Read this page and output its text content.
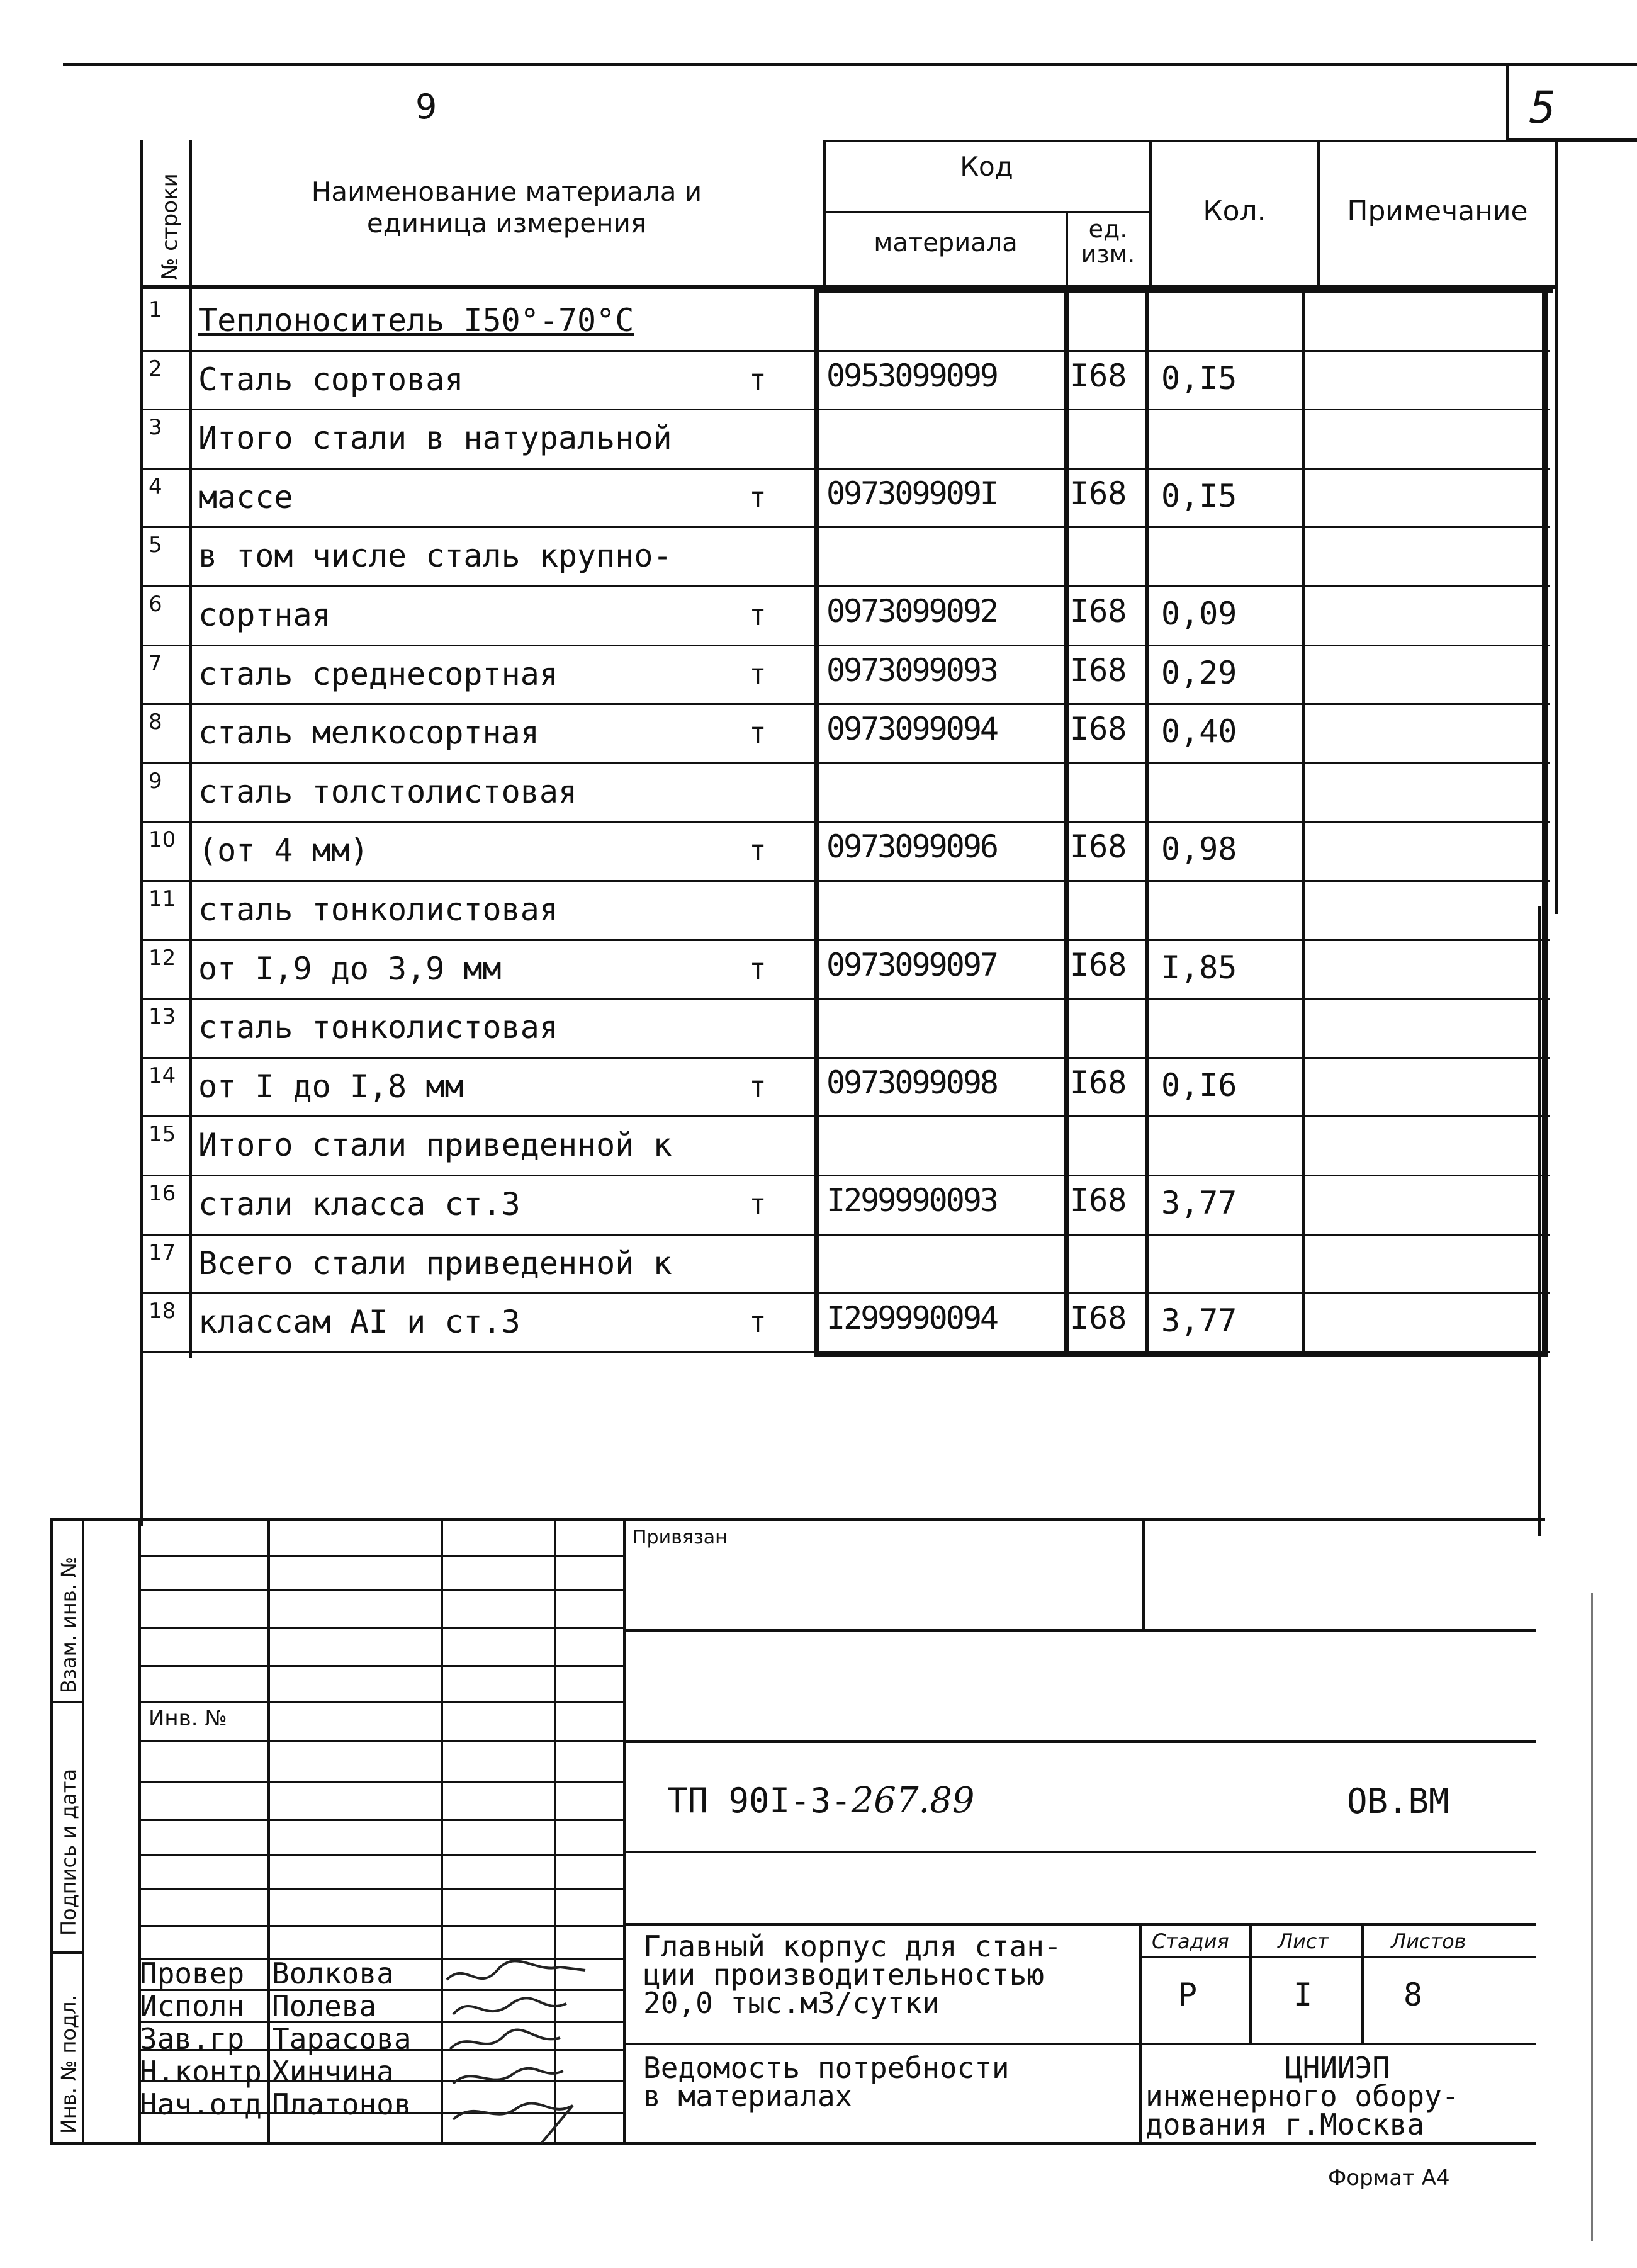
9	5
№ строки	Наименование материала и единица измерения
Код
материала	ед. изм.
Кол.	Примечание
1 Теплоноситель I50°-70°С
2 Сталь сортовая	т 0953099099 I68 0,I5
3 Итого стали в натуральной
4 массе	т 097309909I I68 0,I5
5 в том числе сталь крупно-
6 сортная	т 0973099092 I68 0,09
7 сталь среднесортная	т 0973099093 I68 0,29
8 сталь мелкосортная	т 0973099094 I68 0,40
9 сталь толстолистовая
10 (от 4 мм)	т 0973099096 I68 0,98
11 сталь тонколистовая
12 от I,9 до 3,9 мм	т 0973099097 I68 I,85
13 сталь тонколистовая
14 от I до I,8 мм	т 0973099098 I68 0,I6
15 Итого стали приведенной к
16 стали класса ст.3	т I299990093 I68 3,77
17 Всего стали приведенной к
18 классам АI и ст.3	т I299990094 I68 3,77
Взам. инв. №
Подпись и дата
Инв. № подл.
Инв. №
Привязан
ТП 90I-3-267.89	ОВ.ВМ
Стадия Лист	Листов
Р	I	8
Главный корпус для стан-
ции производительностью
20,0 тыс.м3/сутки
Ведомость потребности
в материалах
ЦНИИЭП
инженерного обору-
дования г.Москва
Провер Волкова
Исполн Полева
Зав.гр Тарасова
Н.контр Хинчина
Нач.отд Платонов
Формат А4
